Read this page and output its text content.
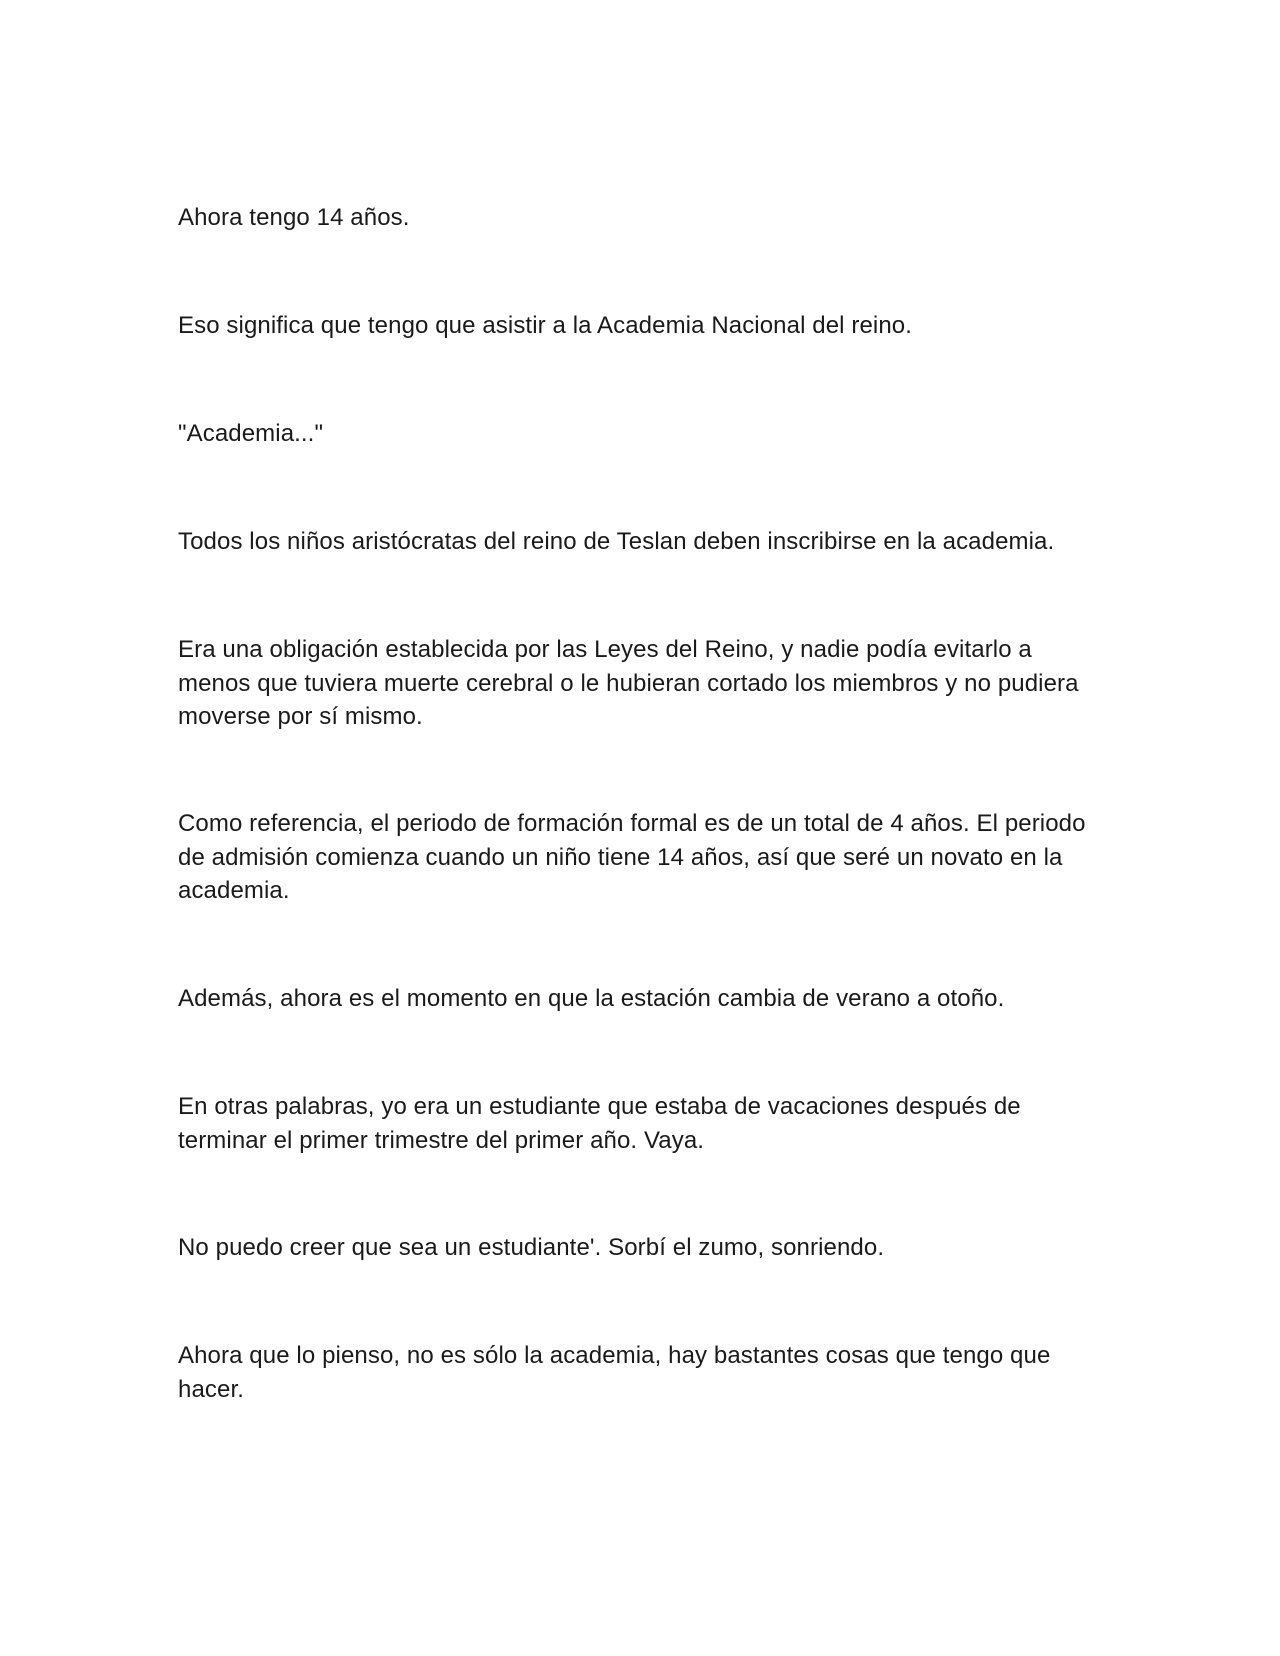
Ahora tengo 14 años.

Eso significa que tengo que asistir a la Academia Nacional del reino.

"Academia..."

Todos los niños aristócratas del reino de Teslan deben inscribirse en la academia.

Era una obligación establecida por las Leyes del Reino, y nadie podía evitarlo a menos que tuviera muerte cerebral o le hubieran cortado los miembros y no pudiera moverse por sí mismo.

Como referencia, el periodo de formación formal es de un total de 4 años. El periodo de admisión comienza cuando un niño tiene 14 años, así que seré un novato en la academia.

Además, ahora es el momento en que la estación cambia de verano a otoño.

En otras palabras, yo era un estudiante que estaba de vacaciones después de terminar el primer trimestre del primer año. Vaya.

No puedo creer que sea un estudiante'. Sorbí el zumo, sonriendo.

Ahora que lo pienso, no es sólo la academia, hay bastantes cosas que tengo que hacer.
